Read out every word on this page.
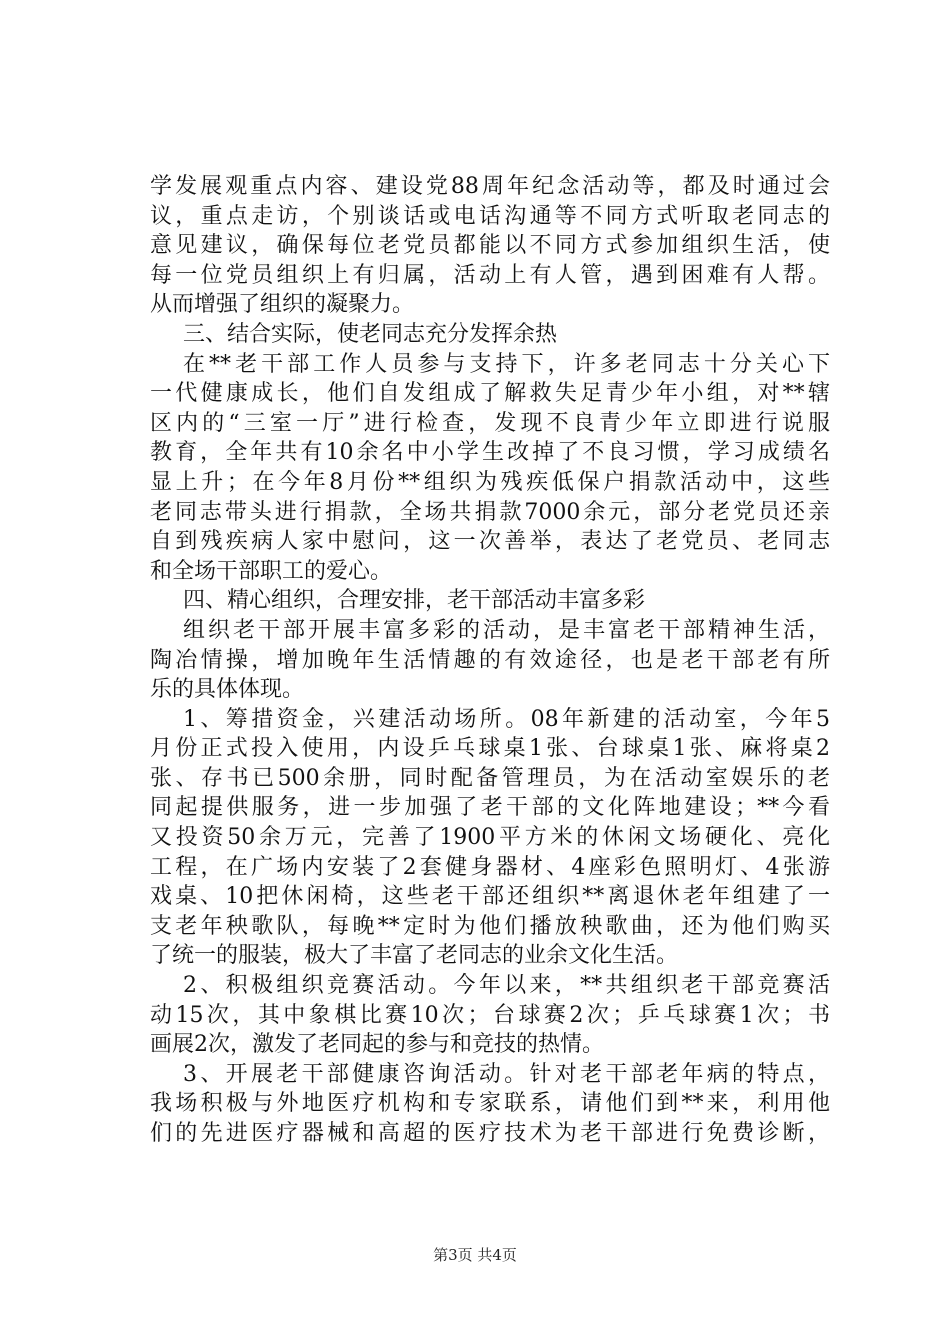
学发展观重点内容、建设党88周年纪念活动等，都及时通过会
议，重点走访，个别谈话或电话沟通等不同方式听取老同志的
意见建议，确保每位老党员都能以不同方式参加组织生活，使
每一位党员组织上有归属，活动上有人管，遇到困难有人帮。
从而增强了组织的凝聚力。
三、结合实际，使老同志充分发挥余热
在**老干部工作人员参与支持下，许多老同志十分关心下
一代健康成长，他们自发组成了解救失足青少年小组，对**辖
区内的“三室一厅”进行检查，发现不良青少年立即进行说服
教育，全年共有10余名中小学生改掉了不良习惯，学习成绩名
显上升；在今年8月份**组织为残疾低保户捐款活动中，这些
老同志带头进行捐款，全场共捐款7000余元，部分老党员还亲
自到残疾病人家中慰问，这一次善举，表达了老党员、老同志
和全场干部职工的爱心。
四、精心组织，合理安排，老干部活动丰富多彩
组织老干部开展丰富多彩的活动，是丰富老干部精神生活，
陶冶情操，增加晚年生活情趣的有效途径，也是老干部老有所
乐的具体体现。
1、筹措资金，兴建活动场所。08年新建的活动室，今年5
月份正式投入使用，内设乒乓球桌1张、台球桌1张、麻将桌2
张、存书已500余册，同时配备管理员，为在活动室娱乐的老
同起提供服务，进一步加强了老干部的文化阵地建设；**今看
又投资50余万元，完善了1900平方米的休闲文场硬化、亮化
工程，在广场内安装了2套健身器材、4座彩色照明灯、4张游
戏桌、10把休闲椅，这些老干部还组织**离退休老年组建了一
支老年秧歌队，每晚**定时为他们播放秧歌曲，还为他们购买
了统一的服装，极大了丰富了老同志的业余文化生活。
2、积极组织竞赛活动。今年以来，**共组织老干部竞赛活
动15次，其中象棋比赛10次；台球赛2次；乒乓球赛1次；书
画展2次，激发了老同起的参与和竞技的热情。
3、开展老干部健康咨询活动。针对老干部老年病的特点，
我场积极与外地医疗机构和专家联系，请他们到**来，利用他
们的先进医疗器械和高超的医疗技术为老干部进行免费诊断，
第3页 共4页
